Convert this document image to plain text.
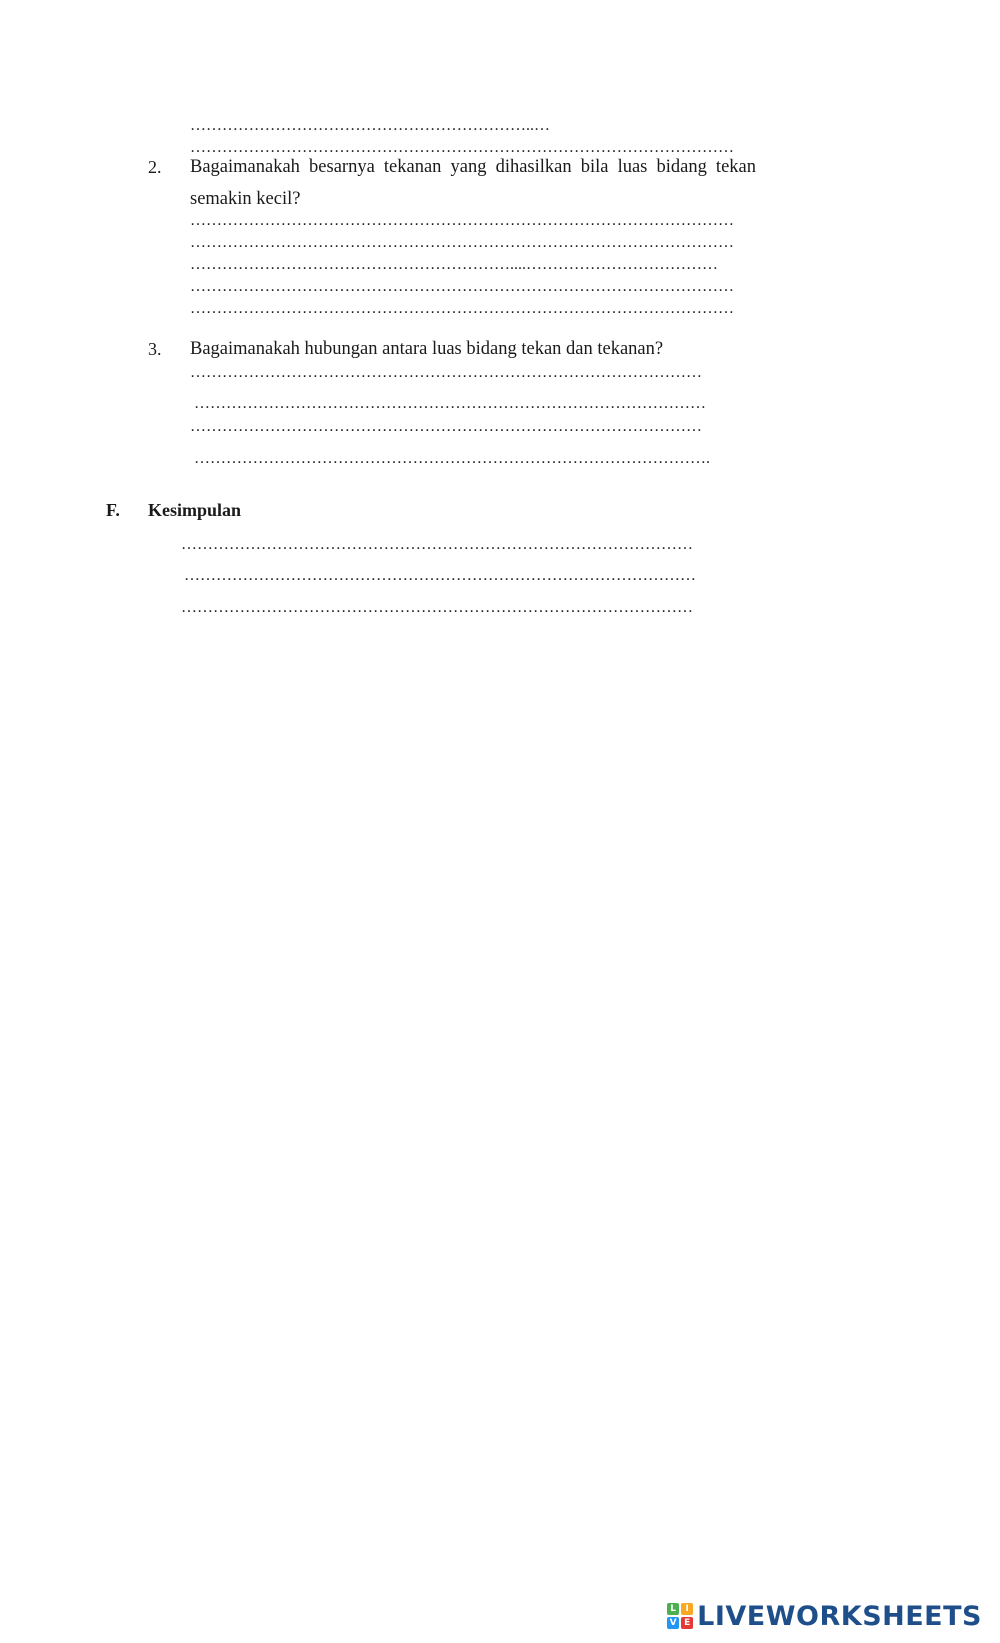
………………………………………………………..…
…………………………………………………………………………………………
2. Bagaimanakah besarnya tekanan yang dihasilkan bila luas bidang tekan
semakin kecil?
…………………………………………………………………………………………
…………………………………………………………………………………………
……………………………………………………....………………………………
…………………………………………………………………………………………
…………………………………………………………………………………………
3. Bagaimanakah hubungan antara luas bidang tekan dan tekanan?
……………………………………………………………………………………
……………………………………………………………………………………
……………………………………………………………………………………
…………………………………………………………………………………….
F. Kesimpulan
……………………………………………………………………………………
……………………………………………………………………………………
……………………………………………………………………………………
L	I
V E LIVEWORKSHEETS
